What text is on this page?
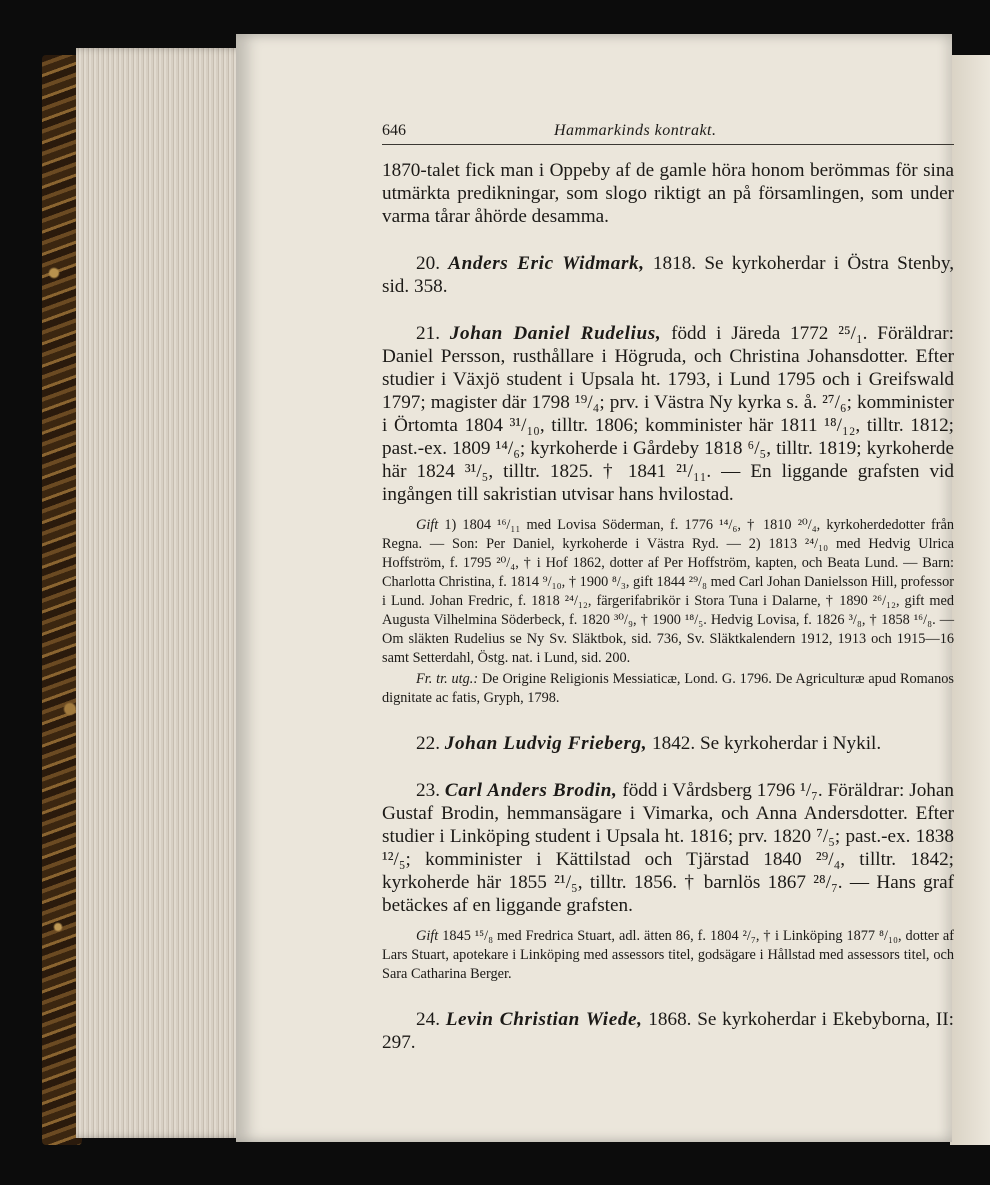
646	Hammarkinds kontrakt.

1870-talet fick man i Oppeby af de gamle höra honom berömmas för sina utmärkta predikningar, som slogo riktigt an på församlingen, som under varma tårar åhörde desamma.

20. Anders Eric Widmark, 1818. Se kyrkoherdar i Östra Stenby, sid. 358.

21. Johan Daniel Rudelius, född i Järeda 1772 ²⁵/₁. Föräldrar: Daniel Persson, rusthållare i Högruda, och Christina Johansdotter. Efter studier i Växjö student i Upsala ht. 1793, i Lund 1795 och i Greifswald 1797; magister där 1798 ¹⁹/₄; prv. i Västra Ny kyrka s. å. ²⁷/₆; komminister i Örtomta 1804 ³¹/₁₀, tilltr. 1806; komminister här 1811 ¹⁸/₁₂, tilltr. 1812; past.-ex. 1809 ¹⁴/₆; kyrkoherde i Gårdeby 1818 ⁶/₅, tilltr. 1819; kyrkoherde här 1824 ³¹/₅, tilltr. 1825. † 1841 ²¹/₁₁. — En liggande grafsten vid ingången till sakristian utvisar hans hvilostad.

Gift 1) 1804 ¹⁶/₁₁ med Lovisa Söderman, f. 1776 ¹⁴/₆, † 1810 ²⁰/₄, kyrkoherdedotter från Regna. — Son: Per Daniel, kyrkoherde i Västra Ryd. — 2) 1813 ²⁴/₁₀ med Hedvig Ulrica Hoffström, f. 1795 ²⁰/₄, † i Hof 1862, dotter af Per Hoffström, kapten, och Beata Lund. — Barn: Charlotta Christina, f. 1814 ⁹/₁₀, † 1900 ⁸/₃, gift 1844 ²⁹/₈ med Carl Johan Danielsson Hill, professor i Lund. Johan Fredric, f. 1818 ²⁴/₁₂, färgerifabrikör i Stora Tuna i Dalarne, † 1890 ²⁶/₁₂, gift med Augusta Vilhelmina Söderbeck, f. 1820 ³⁰/₉, † 1900 ¹⁸/₅. Hedvig Lovisa, f. 1826 ³/₈, † 1858 ¹⁶/₈. — Om släkten Rudelius se Ny Sv. Släktbok, sid. 736, Sv. Släktkalendern 1912, 1913 och 1915—16 samt Setterdahl, Östg. nat. i Lund, sid. 200.

Fr. tr. utg.: De Origine Religionis Messiaticæ, Lond. G. 1796. De Agriculturæ apud Romanos dignitate ac fatis, Gryph, 1798.

22. Johan Ludvig Frieberg, 1842. Se kyrkoherdar i Nykil.

23. Carl Anders Brodin, född i Vårdsberg 1796 ¹/₇. Föräldrar: Johan Gustaf Brodin, hemmansägare i Vimarka, och Anna Andersdotter. Efter studier i Linköping student i Upsala ht. 1816; prv. 1820 ⁷/₅; past.-ex. 1838 ¹²/₅; komminister i Kättilstad och Tjärstad 1840 ²⁹/₄, tilltr. 1842; kyrkoherde här 1855 ²¹/₅, tilltr. 1856. † barnlös 1867 ²⁸/₇. — Hans graf betäckes af en liggande grafsten.

Gift 1845 ¹⁵/₈ med Fredrica Stuart, adl. ätten 86, f. 1804 ²/₇, † i Linköping 1877 ⁸/₁₀, dotter af Lars Stuart, apotekare i Linköping med assessors titel, godsägare i Hållstad med assessors titel, och Sara Catharina Berger.

24. Levin Christian Wiede, 1868. Se kyrkoherdar i Ekebyborna, II: 297.
